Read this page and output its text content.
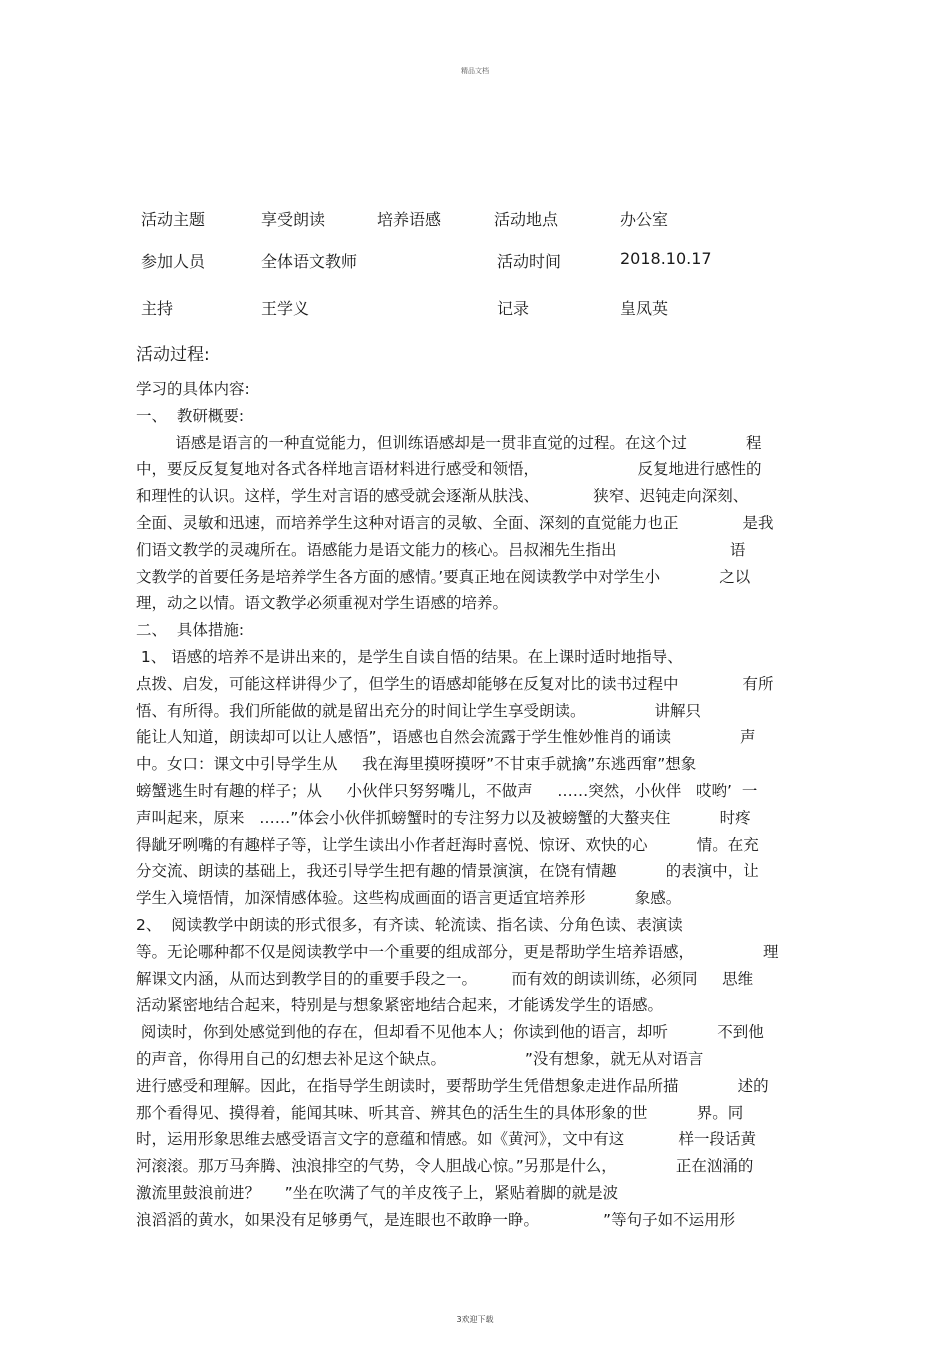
精品文档
活动主题	享受朗读	培养语感	活动地点	办公室
参加人员	全体语文教师	活动时间	2018.10.17
主持	王学义	记录	皇凤英
活动过程:
学习的具体内容:
一、  教研概要:
语感是语言的一种直觉能力，但训练语感却是一贯非直觉的过程。在这个过            程
中，要反反复复地对各式各样地言语材料进行感受和领悟，                    反复地进行感性的
和理性的认识。这样，学生对言语的感受就会逐渐从肤浅、           狭窄、迟钝走向深刻、
全面、灵敏和迅速，而培养学生这种对语言的灵敏、全面、深刻的直觉能力也正             是我
们语文教学的灵魂所在。语感能力是语文能力的核心。吕叔湘先生指出                       语
文教学的首要任务是培养学生各方面的感情。’要真正地在阅读教学中对学生小            之以
理，动之以情。语文教学必须重视对学生语感的培养。
二、  具体措施:
1、 语感的培养不是讲出来的，是学生自读自悟的结果。在上课时适时地指导、
点拨、启发，可能这样讲得少了，但学生的语感却能够在反复对比的读书过程中             有所
悟、有所得。我们所能做的就是留出充分的时间让学生享受朗读。              讲解只
能让人知道，朗读却可以让人感悟”，语感也自然会流露于学生惟妙惟肖的诵读              声
中。女口：课文中引导学生从     我在海里摸呀摸呀”不甘束手就擒”东逃西窜”想象
螃蟹逃生时有趣的样子；从     小伙伴只努努嘴儿，不做声     ……突然，小伙伴   哎哟’  一
声叫起来，原来   ……”体会小伙伴抓螃蟹时的专注努力以及被螃蟹的大螯夹住          时疼
得龇牙咧嘴的有趣样子等，让学生读出小作者赶海时喜悦、惊讶、欢快的心          情。在充
分交流、朗读的基础上，我还引导学生把有趣的情景演演，在饶有情趣          的表演中，让
学生入境悟情，加深情感体验。这些构成画面的语言更适宜培养形          象感。
2、  阅读教学中朗读的形式很多，有齐读、轮流读、指名读、分角色读、表演读
等。无论哪种都不仅是阅读教学中一个重要的组成部分，更是帮助学生培养语感，              理
解课文内涵，从而达到教学目的的重要手段之一。       而有效的朗读训练，必须同     思维
活动紧密地结合起来，特别是与想象紧密地结合起来，才能诱发学生的语感。
阅读时，你到处感觉到他的存在，但却看不见他本人；你读到他的语言，却听          不到他
的声音，你得用自己的幻想去补足这个缺点。                ”没有想象，就无从对语言
进行感受和理解。因此，在指导学生朗读时，要帮助学生凭借想象走进作品所描            述的
那个看得见、摸得着，能闻其味、听其音、辨其色的活生生的具体形象的世          界。同
时，运用形象思维去感受语言文字的意蕴和情感。如《黄河》，文中有这           样一段话黄
河滚滚。那万马奔腾、浊浪排空的气势，令人胆战心惊。”另那是什么，            正在汹涌的
激流里鼓浪前进？     ”坐在吹满了气的羊皮筏子上，紧贴着脚的就是波
浪滔滔的黄水，如果没有足够勇气，是连眼也不敢睁一睁。             ”等句子如不运用形
3欢迎下载
